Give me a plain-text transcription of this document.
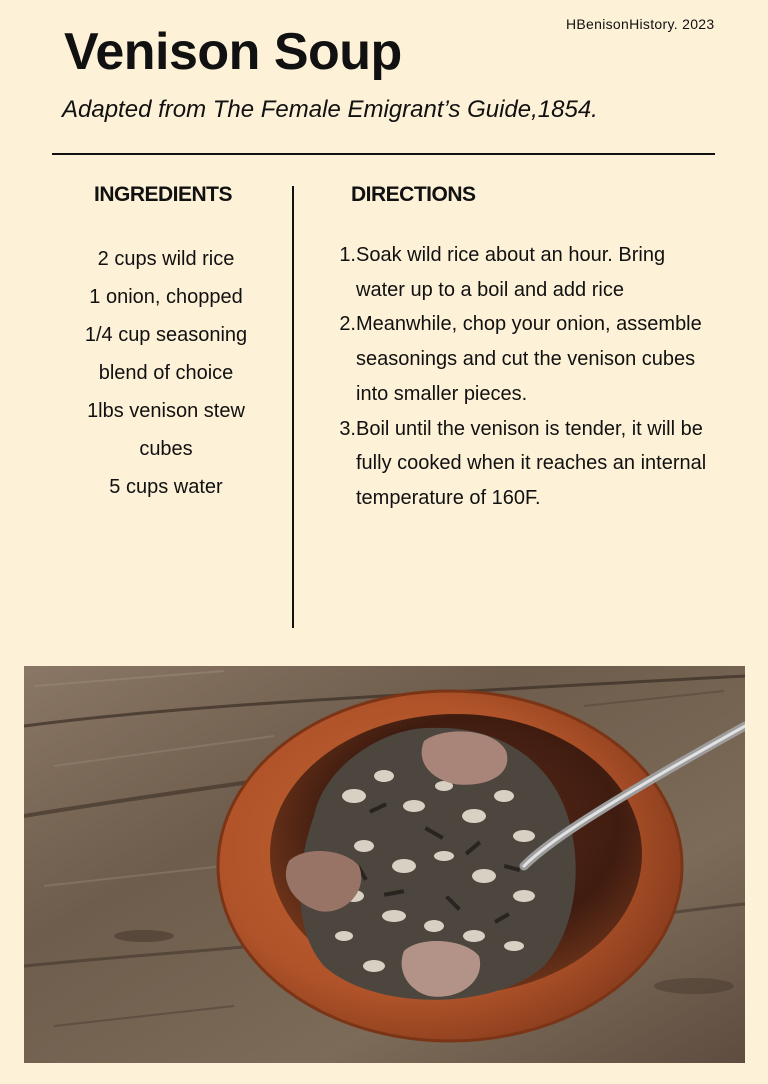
HBenisonHistory. 2023
Venison Soup
Adapted from The Female Emigrant’s Guide,1854.
INGREDIENTS	DIRECTIONS
2 cups wild rice
1 onion, chopped
1/4 cup seasoning
blend of choice
1lbs venison stew
cubes
5 cups water
1. Soak wild rice about an hour. Bring water up to a boil and add rice
2. Meanwhile, chop your onion, assemble seasonings and cut the venison cubes into smaller pieces.
3. Boil until the venison is tender, it will be fully cooked when it reaches an internal temperature of 160F.
